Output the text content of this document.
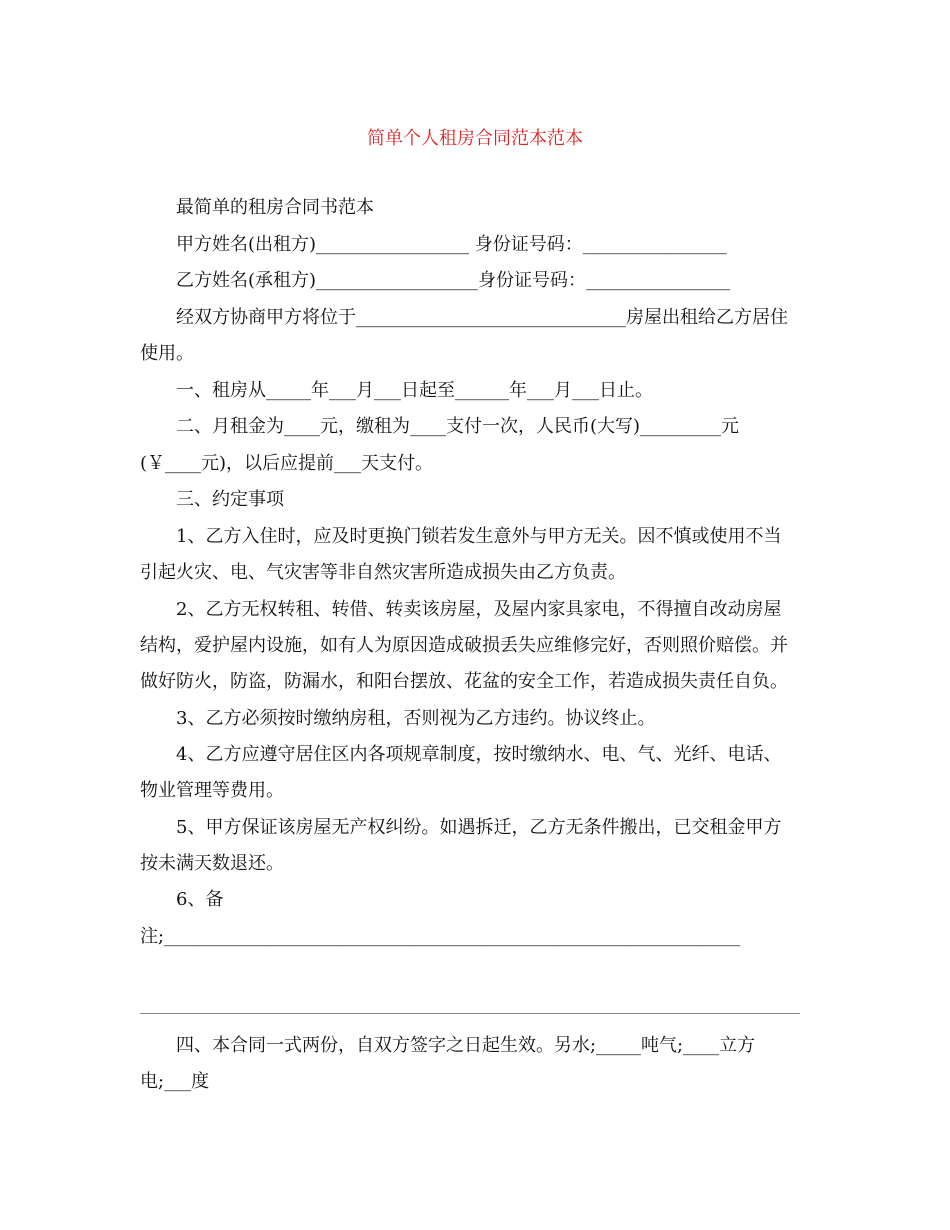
简单个人租房合同范本范本
最简单的租房合同书范本
甲方姓名(出租方)_________________ 身份证号码：________________
乙方姓名(承租方)__________________身份证号码：________________
经双方协商甲方将位于______________________________房屋出租给乙方居住
使用。
一、租房从_____年___月___日起至______年___月___日止。
二、月租金为____元，缴租为____支付一次，人民币(大写)_________元
(￥____元)，以后应提前___天支付。
三、约定事项
1、乙方入住时，应及时更换门锁若发生意外与甲方无关。因不慎或使用不当
引起火灾、电、气灾害等非自然灾害所造成损失由乙方负责。
2、乙方无权转租、转借、转卖该房屋，及屋内家具家电，不得擅自改动房屋
结构，爱护屋内设施，如有人为原因造成破损丢失应维修完好，否则照价赔偿。并
做好防火，防盗，防漏水，和阳台摆放、花盆的安全工作，若造成损失责任自负。
3、乙方必须按时缴纳房租，否则视为乙方违约。协议终止。
4、乙方应遵守居住区内各项规章制度，按时缴纳水、电、气、光纤、电话、
物业管理等费用。
5、甲方保证该房屋无产权纠纷。如遇拆迁，乙方无条件搬出，已交租金甲方
按未满天数退还。
6、备
注;________________________________________________________________
四、本合同一式两份，自双方签字之日起生效。另水;_____吨气;____立方
电;___度
